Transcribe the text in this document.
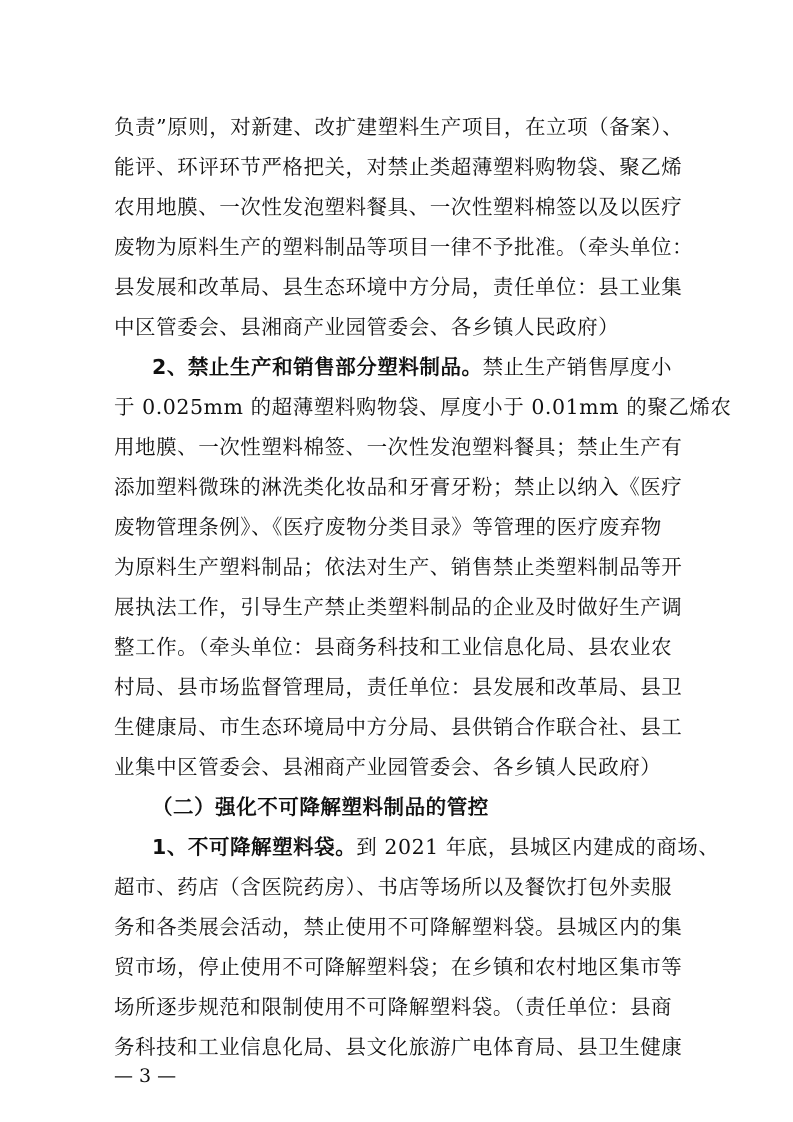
负责”原则，对新建、改扩建塑料生产项目，在立项（备案）、
能评、环评环节严格把关，对禁止类超薄塑料购物袋、聚乙烯
农用地膜、一次性发泡塑料餐具、一次性塑料棉签以及以医疗
废物为原料生产的塑料制品等项目一律不予批准。（牵头单位：
县发展和改革局、县生态环境中方分局，责任单位：县工业集
中区管委会、县湘商产业园管委会、各乡镇人民政府）
2、禁止生产和销售部分塑料制品。禁止生产销售厚度小
于 0.025mm 的超薄塑料购物袋、厚度小于 0.01mm 的聚乙烯农
用地膜、一次性塑料棉签、一次性发泡塑料餐具；禁止生产有
添加塑料微珠的淋洗类化妆品和牙膏牙粉；禁止以纳入《医疗
废物管理条例》、《医疗废物分类目录》等管理的医疗废弃物
为原料生产塑料制品；依法对生产、销售禁止类塑料制品等开
展执法工作，引导生产禁止类塑料制品的企业及时做好生产调
整工作。（牵头单位：县商务科技和工业信息化局、县农业农
村局、县市场监督管理局，责任单位：县发展和改革局、县卫
生健康局、市生态环境局中方分局、县供销合作联合社、县工
业集中区管委会、县湘商产业园管委会、各乡镇人民政府）
（二）强化不可降解塑料制品的管控
1、不可降解塑料袋。到 2021 年底，县城区内建成的商场、
超市、药店（含医院药房）、书店等场所以及餐饮打包外卖服
务和各类展会活动，禁止使用不可降解塑料袋。县城区内的集
贸市场，停止使用不可降解塑料袋；在乡镇和农村地区集市等
场所逐步规范和限制使用不可降解塑料袋。（责任单位：县商
务科技和工业信息化局、县文化旅游广电体育局、县卫生健康
— 3 —
